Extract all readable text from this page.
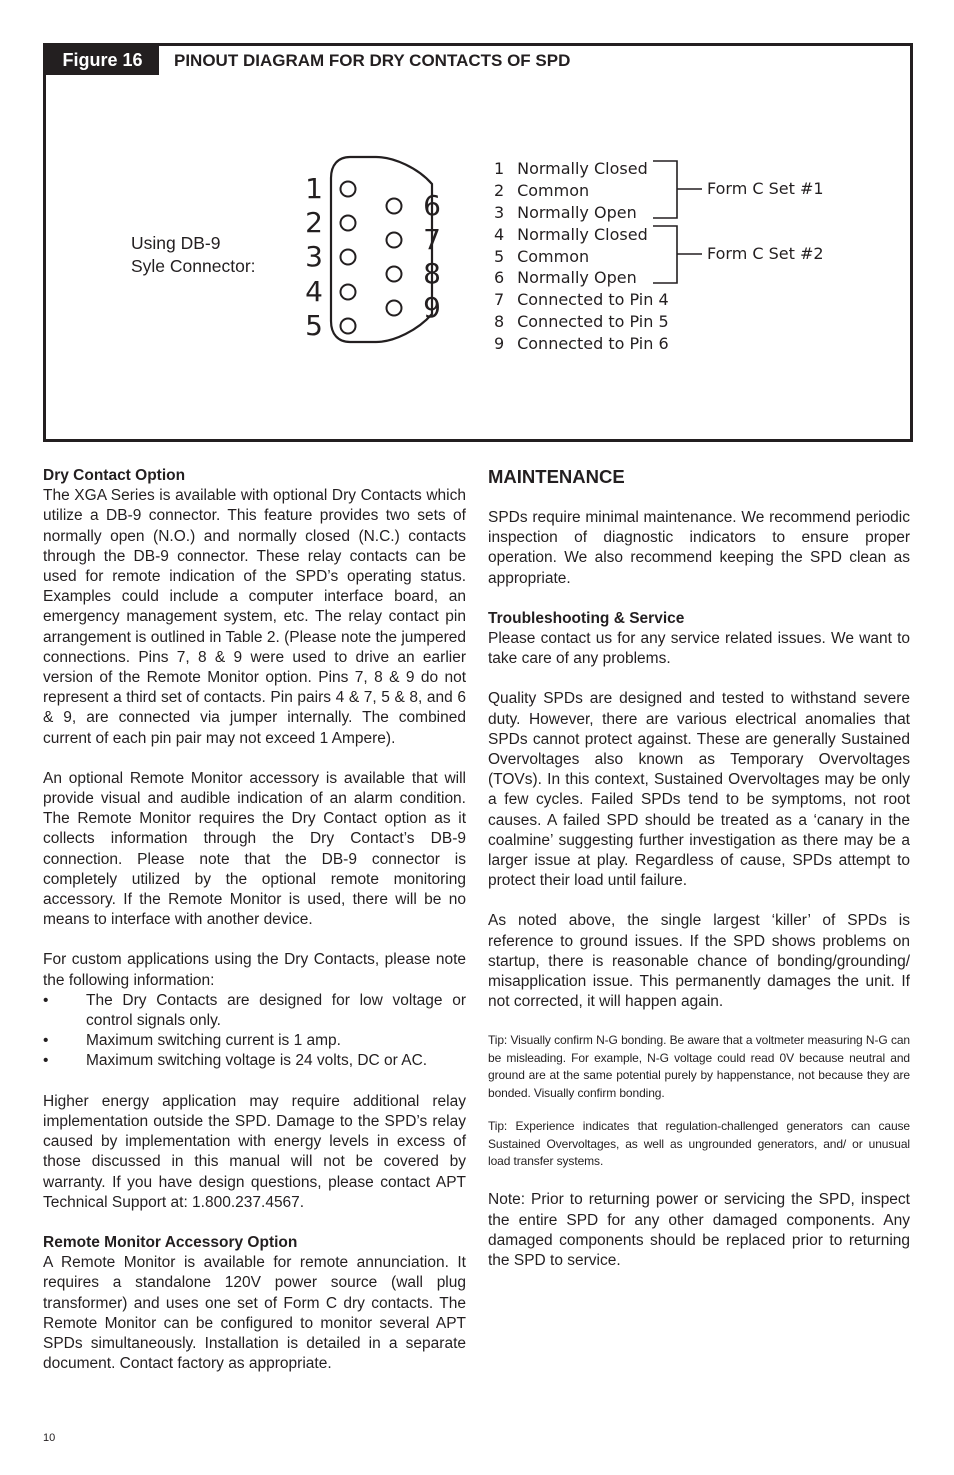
Figure 16	PINOUT DIAGRAM FOR DRY CONTACTS OF SPD
Using DB-9
Syle Connector:
1
2
3
4
5
6
7
8
9
1 Normally Closed
2 Common
3 Normally Open
4 Normally Closed
5 Common
6 Normally Open
7 Connected to Pin 4
8 Connected to Pin 5
9 Connected to Pin 6
Form C Set #1
Form C Set #2

Dry Contact Option

The XGA Series is available with optional Dry Contacts which utilize a DB-9 connector. This feature provides two sets of normally open (N.O.) and normally closed (N.C.) contacts through the DB-9 connector. These relay contacts can be used for remote indication of the SPD’s operating status. Examples could include a computer interface board, an emergency management system, etc. The relay contact pin arrangement is outlined in Table 2. (Please note the jumpered connections. Pins 7, 8 & 9 were used to drive an earlier version of the Remote Monitor option. Pins 7, 8 & 9 do not represent a third set of contacts. Pin pairs 4 & 7, 5 & 8, and 6 & 9, are connected via jumper internally. The combined current of each pin pair may not exceed 1 Ampere).

An optional Remote Monitor accessory is available that will provide visual and audible indication of an alarm condition. The Remote Monitor requires the Dry Contact option as it collects information through the Dry Contact’s DB-9 connection. Please note that the DB-9 connector is completely utilized by the optional remote monitoring accessory. If the Remote Monitor is used, there will be no means to interface with another device.

For custom applications using the Dry Contacts, please note the following information:

• The Dry Contacts are designed for low voltage or control signals only.
• Maximum switching current is 1 amp.
• Maximum switching voltage is 24 volts, DC or AC.

Higher energy application may require additional relay implementation outside the SPD. Damage to the SPD’s relay caused by implementation with energy levels in excess of those discussed in this manual will not be covered by warranty. If you have design questions, please contact APT Technical Support at: 1.800.237.4567.

Remote Monitor Accessory Option

A Remote Monitor is available for remote annunciation. It requires a standalone 120V power source (wall plug transformer) and uses one set of Form C dry contacts. The Remote Monitor can be configured to monitor several APT SPDs simultaneously. Installation is detailed in a separate document. Contact factory as appropriate.

MAINTENANCE

SPDs require minimal maintenance. We recommend periodic inspection of diagnostic indicators to ensure proper operation. We also recommend keeping the SPD clean as appropriate.

Troubleshooting & Service

Please contact us for any service related issues. We want to take care of any problems.

Quality SPDs are designed and tested to withstand severe duty. However, there are various electrical anomalies that SPDs cannot protect against. These are generally Sustained Overvoltages also known as Temporary Overvoltages (TOVs). In this context, Sustained Overvoltages may be only a few cycles. Failed SPDs tend to be symptoms, not root causes. A failed SPD should be treated as a ‘canary in the coalmine’ suggesting further investigation as there may be a larger issue at play. Regardless of cause, SPDs attempt to protect their load until failure.

As noted above, the single largest ‘killer’ of SPDs is reference to ground issues. If the SPD shows problems on startup, there is reasonable chance of bonding/grounding/ misapplication issue. This permanently damages the unit. If not corrected, it will happen again.

Tip: Visually confirm N-G bonding. Be aware that a voltmeter measuring N-G can be misleading. For example, N-G voltage could read 0V because neutral and ground are at the same potential purely by happenstance, not because they are bonded. Visually confirm bonding.

Tip: Experience indicates that regulation-challenged generators can cause Sustained Overvoltages, as well as ungrounded generators, and/ or unusual load transfer systems.

Note: Prior to returning power or servicing the SPD, inspect the entire SPD for any other damaged components. Any damaged components should be replaced prior to returning the SPD to service.

10
